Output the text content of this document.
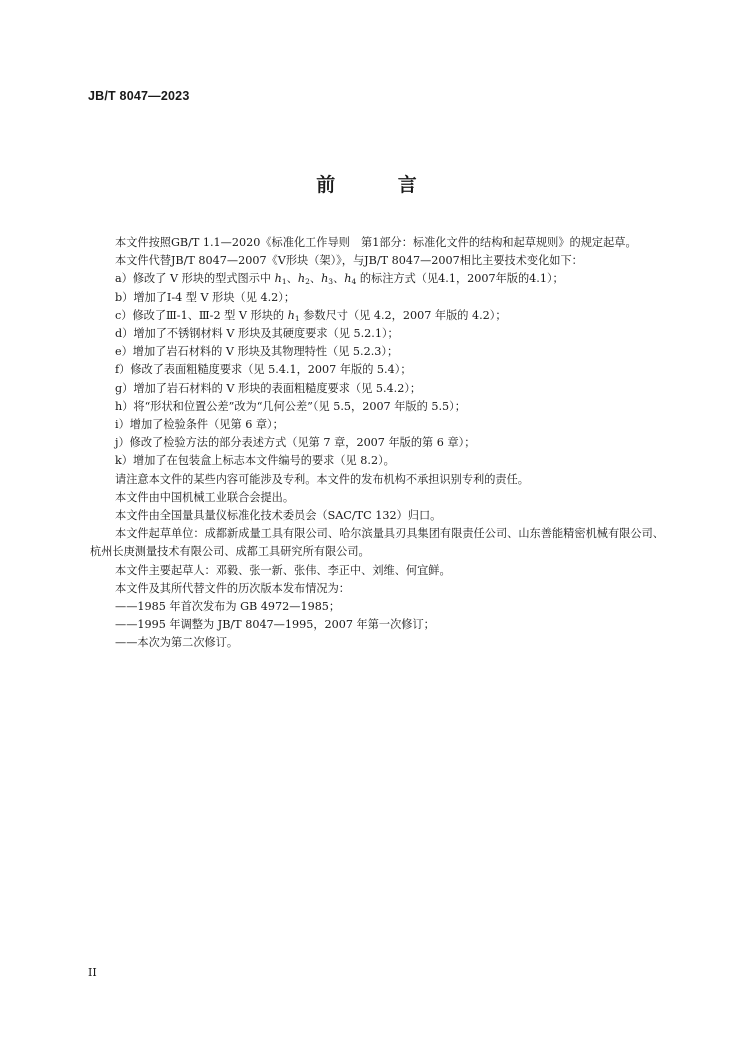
JB/T 8047—2023
前 言

本文件按照GB/T 1.1—2020《标准化工作导则　第1部分：标准化文件的结构和起草规则》的规定起草。

本文件代替JB/T 8047—2007《V形块（架）》，与JB/T 8047—2007相比主要技术变化如下：

a）修改了 V 形块的型式图示中 $h_1$、$h_2$、$h_3$、$h_4$ 的标注方式（见4.1，2007年版的4.1）；

b）增加了Ⅰ-4 型 V 形块（见 4.2）；

c）修改了Ⅲ-1、Ⅲ-2 型 V 形块的 $h_1$ 参数尺寸（见 4.2，2007 年版的 4.2）；

d）增加了不锈钢材料 V 形块及其硬度要求（见 5.2.1）；

e）增加了岩石材料的 V 形块及其物理特性（见 5.2.3）；

f）修改了表面粗糙度要求（见 5.4.1，2007 年版的 5.4）；

g）增加了岩石材料的 V 形块的表面粗糙度要求（见 5.4.2）；

h）将“形状和位置公差”改为“几何公差”（见 5.5，2007 年版的 5.5）；

i）增加了检验条件（见第 6 章）；

j）修改了检验方法的部分表述方式（见第 7 章，2007 年版的第 6 章）；

k）增加了在包装盒上标志本文件编号的要求（见 8.2）。

请注意本文件的某些内容可能涉及专利。本文件的发布机构不承担识别专利的责任。

本文件由中国机械工业联合会提出。

本文件由全国量具量仪标准化技术委员会（SAC/TC 132）归口。

本文件起草单位：成都新成量工具有限公司、哈尔滨量具刃具集团有限责任公司、山东善能精密机械有限公司、杭州长庚测量技术有限公司、成都工具研究所有限公司。

本文件主要起草人：邓毅、张一新、张伟、李正中、刘维、何宜鲜。

本文件及其所代替文件的历次版本发布情况为：

——1985 年首次发布为 GB 4972—1985；

——1995 年调整为 JB/T 8047—1995，2007 年第一次修订；

——本次为第二次修订。

II
